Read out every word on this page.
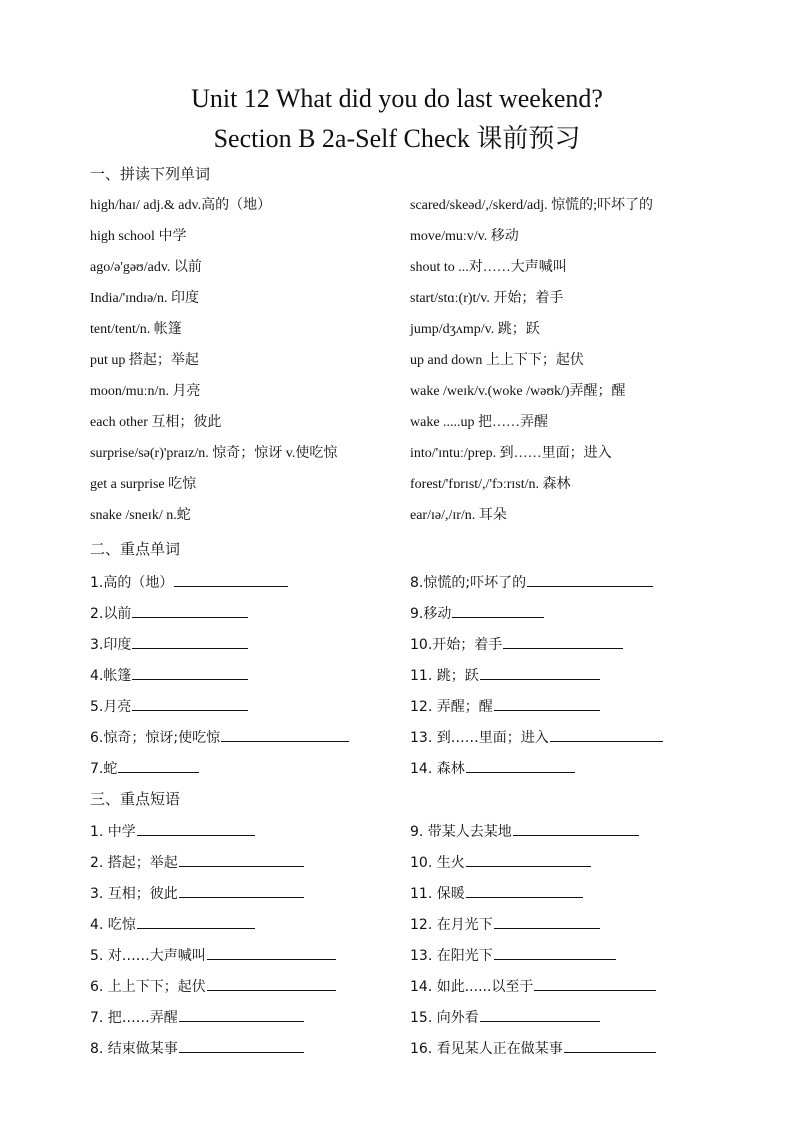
Unit 12 What did you do last weekend?
Section B 2a-Self Check 课前预习
一、拼读下列单词
high/haɪ/ adj.& adv.高的（地）
high school 中学
ago/ə'gəʊ/adv. 以前
India/'ɪndɪə/n. 印度
tent/tent/n. 帐篷
put up 搭起；举起
moon/muːn/n. 月亮
each other 互相；彼此
surprise/sə(r)'praɪz/n. 惊奇；惊讶 v.使吃惊
get a surprise 吃惊
snake /sneɪk/ n.蛇
scared/skeəd/,/skerd/adj. 惊慌的;吓坏了的
move/muːv/v. 移动
shout to ...对……大声喊叫
start/stɑː(r)t/v. 开始；着手
jump/dʒʌmp/v. 跳；跃
up and down 上上下下；起伏
wake /weɪk/v.(woke /wəʊk/)弄醒；醒
wake .....up 把……弄醒
into/'ɪntuː/prep. 到……里面；进入
forest/'fɒrɪst/,/'fɔːrɪst/n. 森林
ear/ɪə/,/ɪr/n. 耳朵
二、重点单词
1.高的（地）
2.以前
3.印度
4.帐篷
5.月亮
6.惊奇；惊讶;使吃惊
7.蛇
8.惊慌的;吓坏了的
9.移动
10.开始；着手
11. 跳；跃
12. 弄醒；醒
13. 到……里面；进入
14. 森林
三、重点短语
1. 中学
2. 搭起；举起
3. 互相；彼此
4. 吃惊
5. 对……大声喊叫
6. 上上下下；起伏
7. 把……弄醒
8. 结束做某事
9. 带某人去某地
10. 生火
11. 保暖
12. 在月光下
13. 在阳光下
14. 如此......以至于
15. 向外看
16. 看见某人正在做某事
